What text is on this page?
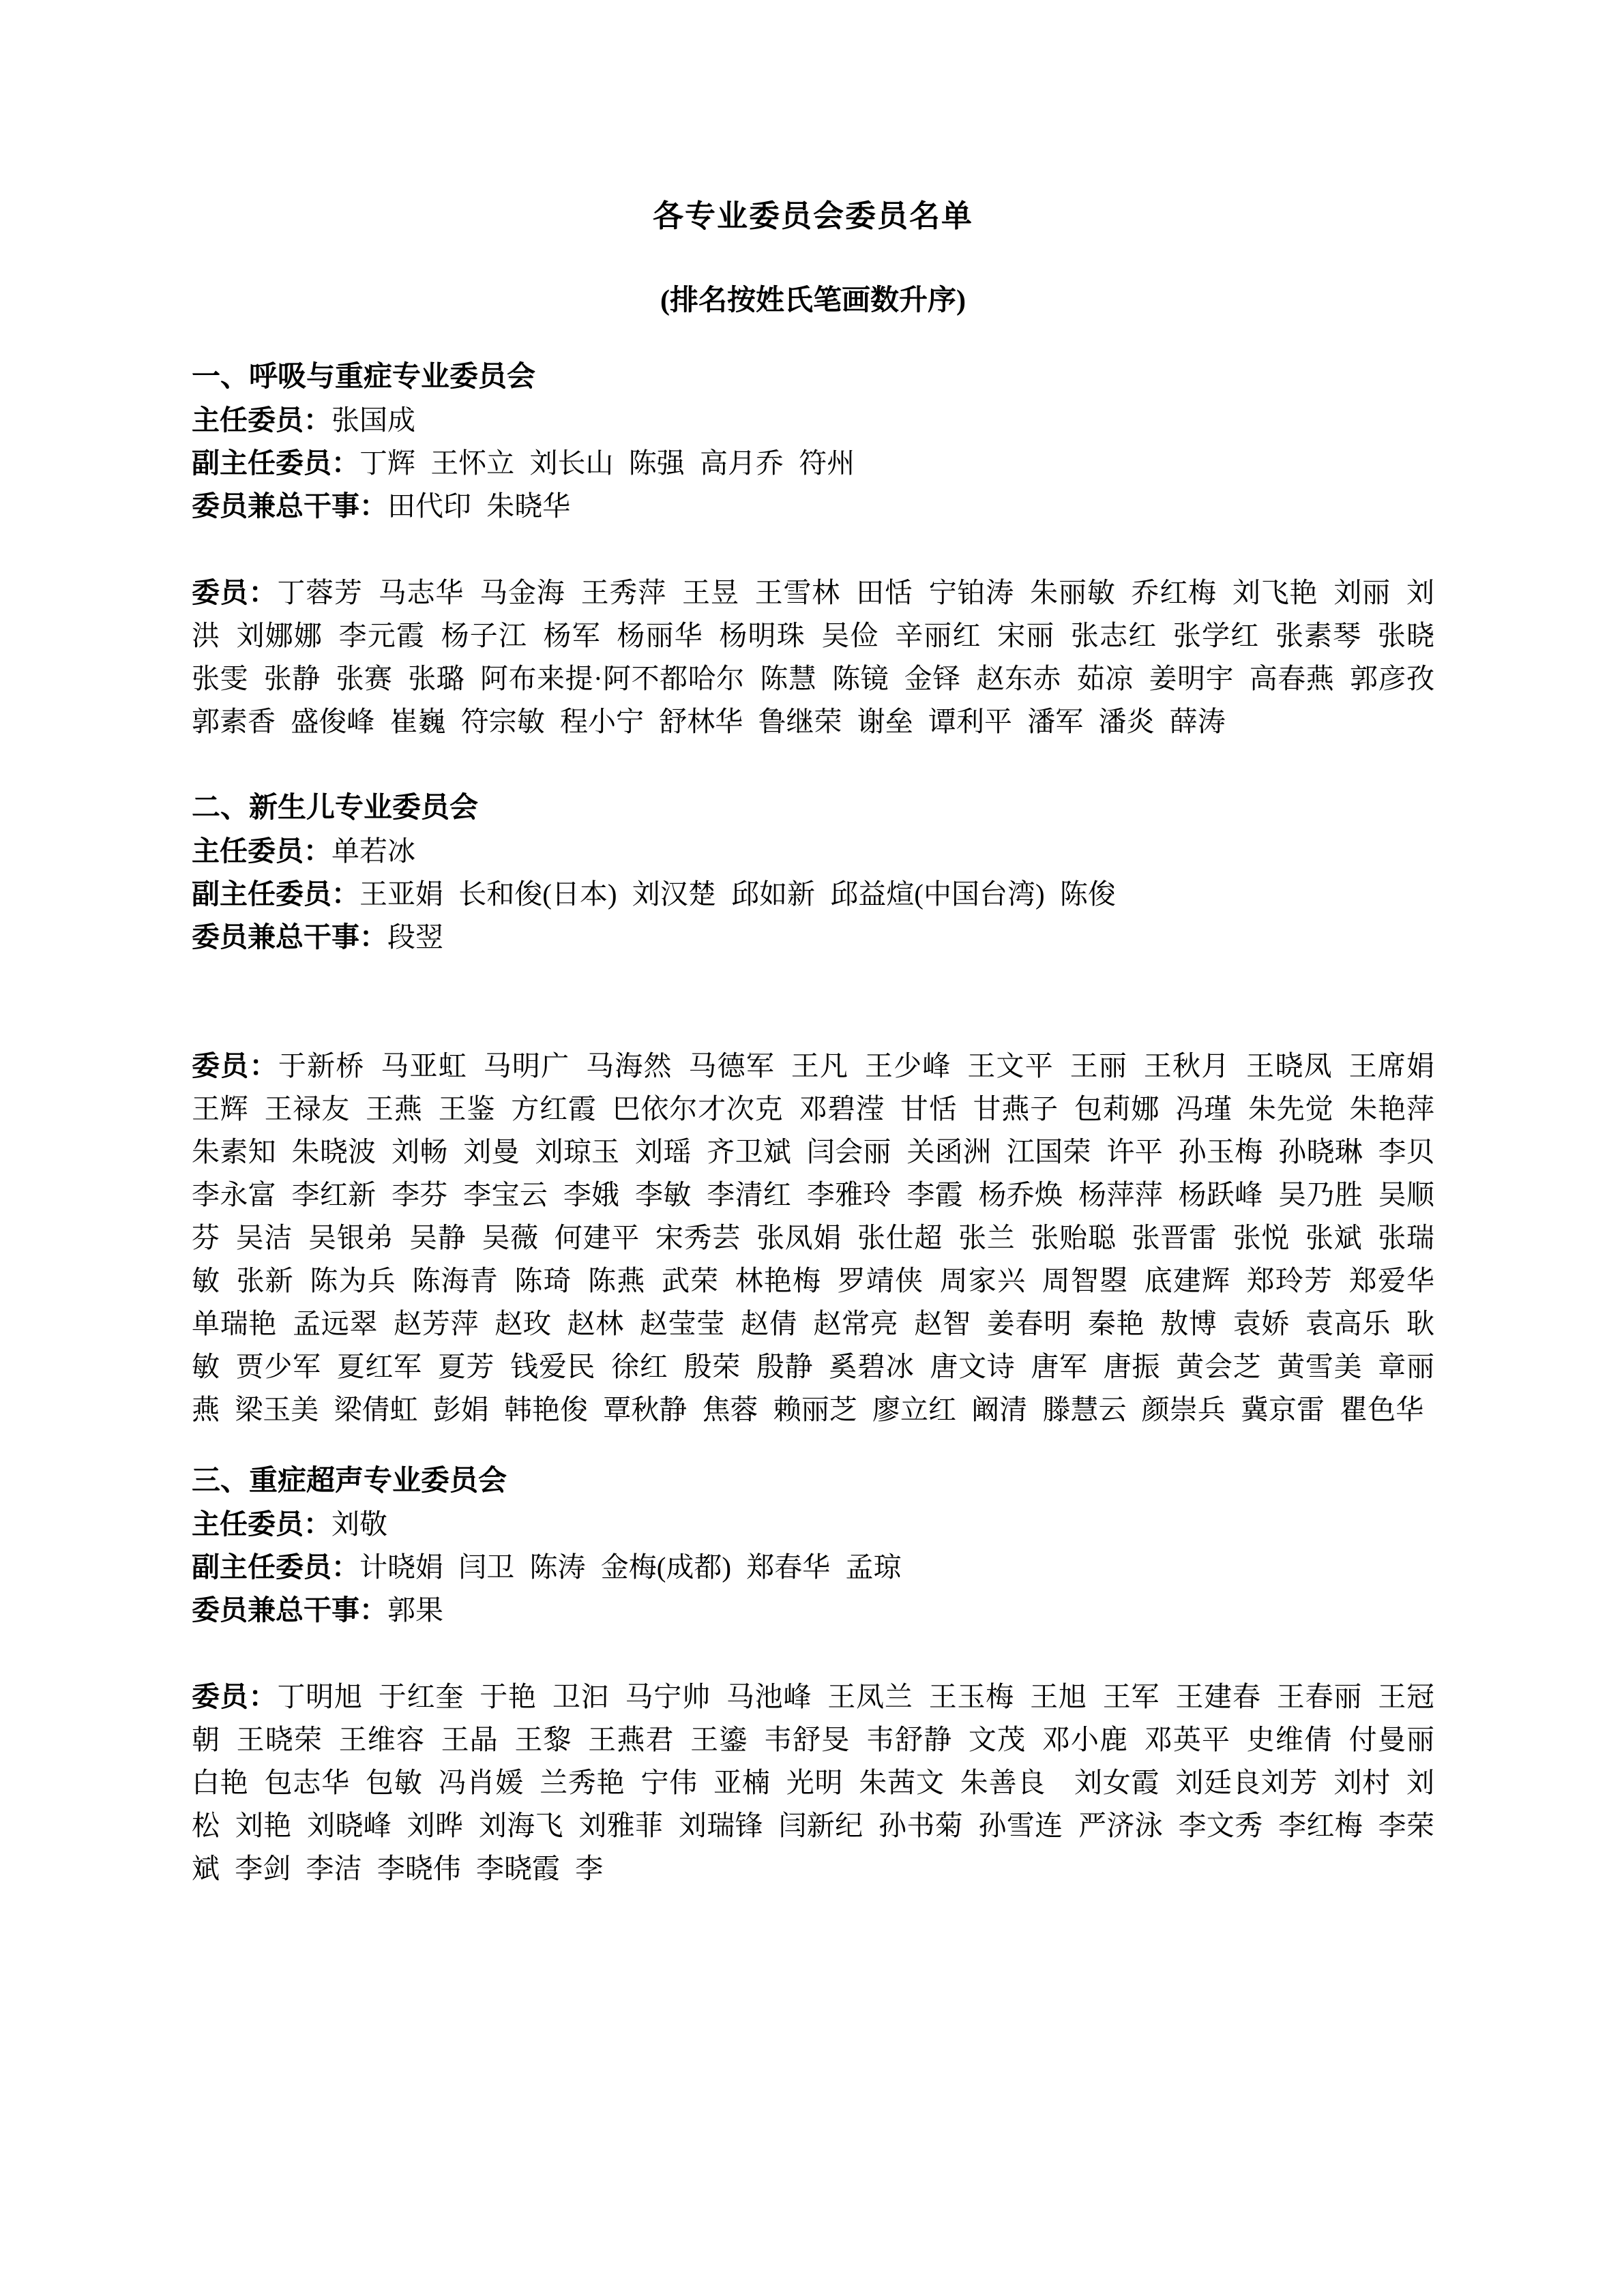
各专业委员会委员名单

(排名按姓氏笔画数升序)

一、呼吸与重症专业委员会

主任委员：张国成

副主任委员：丁辉 王怀立 刘长山 陈强 高月乔 符州

委员兼总干事：田代印 朱晓华

委员：丁蓉芳 马志华 马金海 王秀萍 王昱 王雪林 田恬 宁铂涛 朱丽敏 乔红梅 刘飞艳 刘丽 刘洪 刘娜娜 李元霞 杨子江 杨军 杨丽华 杨明珠 吴俭 辛丽红 宋丽 张志红 张学红 张素琴 张晓 张雯 张静 张赛 张璐 阿布来提·阿不都哈尔 陈慧 陈镜 金铎 赵东赤 茹凉 姜明宇 高春燕 郭彦孜 郭素香 盛俊峰 崔巍 符宗敏 程小宁 舒林华 鲁继荣 谢垒 谭利平 潘军 潘炎 薛涛

二、新生儿专业委员会

主任委员：单若冰

副主任委员：王亚娟 长和俊(日本) 刘汉楚 邱如新 邱益煊(中国台湾) 陈俊

委员兼总干事：段翌

委员：于新桥 马亚虹 马明广 马海然 马德军 王凡 王少峰 王文平 王丽 王秋月 王晓凤 王席娟 王辉 王禄友 王燕 王鉴 方红霞 巴依尔才次克 邓碧滢 甘恬 甘燕子 包莉娜 冯瑾 朱先觉 朱艳萍 朱素知 朱晓波 刘畅 刘曼 刘琼玉 刘瑶 齐卫斌 闫会丽 关函洲 江国荣 许平 孙玉梅 孙晓琳 李贝 李永富 李红新 李芬 李宝云 李娥 李敏 李清红 李雅玲 李霞 杨乔焕 杨萍萍 杨跃峰 吴乃胜 吴顺芬 吴洁 吴银弟 吴静 吴薇 何建平 宋秀芸 张凤娟 张仕超 张兰 张贻聪 张晋雷 张悦 张斌 张瑞敏 张新 陈为兵 陈海青 陈琦 陈燕 武荣 林艳梅 罗靖侠 周家兴 周智曌 底建辉 郑玲芳 郑爱华 单瑞艳 孟远翠 赵芳萍 赵玫 赵林 赵莹莹 赵倩 赵常亮 赵智 姜春明 秦艳 敖博 袁娇 袁高乐 耿敏 贾少军 夏红军 夏芳 钱爱民 徐红 殷荣 殷静 奚碧冰 唐文诗 唐军 唐振 黄会芝 黄雪美 章丽燕 梁玉美 梁倩虹 彭娟 韩艳俊 覃秋静 焦蓉 赖丽芝 廖立红 阚清 滕慧云 颜崇兵 冀京雷 瞿色华

三、重症超声专业委员会

主任委员：刘敬

副主任委员：计晓娟 闫卫 陈涛 金梅(成都) 郑春华 孟琼

委员兼总干事：郭果

委员：丁明旭 于红奎 于艳 卫汩 马宁帅 马池峰 王凤兰 王玉梅 王旭 王军 王建春 王春丽 王冠朝 王晓荣 王维容 王晶 王黎 王燕君 王鎏 韦舒旻 韦舒静 文茂 邓小鹿 邓英平 史维倩 付曼丽 白艳 包志华 包敏 冯肖媛 兰秀艳 宁伟 亚楠 光明 朱茜文 朱善良　刘女霞 刘廷良刘芳 刘村 刘松 刘艳 刘晓峰 刘晔 刘海飞 刘雅菲 刘瑞锋 闫新纪 孙书菊 孙雪连 严济泳 李文秀 李红梅 李荣斌 李剑 李洁 李晓伟 李晓霞 李
